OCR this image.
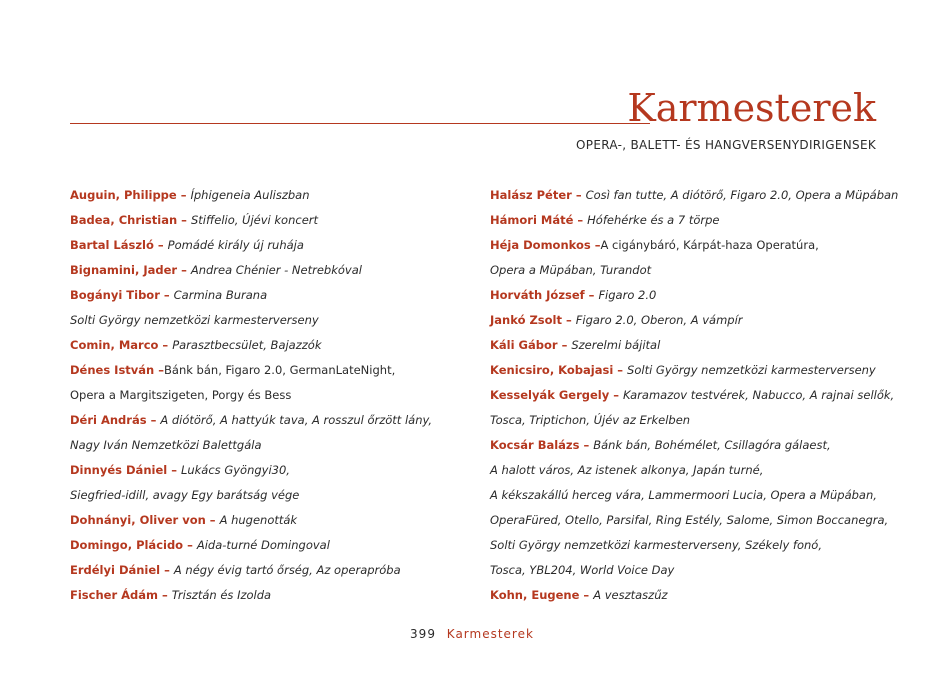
Karmesterek

OPERA-, BALETT- ÉS HANGVERSENYDIRIGENSEK

Auguin, Philippe – Íphigeneia Auliszban
Badea, Christian – Stiffelio, Újévi koncert
Bartal László – Pomádé király új ruhája
Bignamini, Jader – Andrea Chénier - Netrebkóval
Bogányi Tibor – Carmina Burana
Solti György nemzetközi karmesterverseny
Comin, Marco – Parasztbecsület, Bajazzók
Dénes István –Bánk bán, Figaro 2.0, GermanLateNight,
Opera a Margitszigeten, Porgy és Bess
Déri András – A diótörő, A hattyúk tava, A rosszul őrzött lány,
Nagy Iván Nemzetközi Balettgála
Dinnyés Dániel – Lukács Gyöngyi30,
Siegfried-idill, avagy Egy barátság vége
Dohnányi, Oliver von – A hugenották
Domingo, Plácido – Aida-turné Domingoval
Erdélyi Dániel – A négy évig tartó őrség, Az operapróba
Fischer Ádám – Trisztán és Izolda
Halász Péter – Così fan tutte, A diótörő, Figaro 2.0, Opera a Müpában
Hámori Máté – Hófehérke és a 7 törpe
Héja Domonkos –A cigánybáró, Kárpát-haza Operatúra,
Opera a Müpában, Turandot
Horváth József – Figaro 2.0
Jankó Zsolt – Figaro 2.0, Oberon, A vámpír
Káli Gábor – Szerelmi bájital
Kenicsiro, Kobajasi – Solti György nemzetközi karmesterverseny
Kesselyák Gergely – Karamazov testvérek, Nabucco, A rajnai sellők,
Tosca, Triptichon, Újév az Erkelben
Kocsár Balázs – Bánk bán, Bohémélet, Csillagóra gálaest,
A halott város, Az istenek alkonya, Japán turné,
A kékszakállú herceg vára, Lammermoori Lucia, Opera a Müpában,
OperaFüred, Otello, Parsifal, Ring Estély, Salome, Simon Boccanegra,
Solti György nemzetközi karmesterverseny, Székely fonó,
Tosca, YBL204, World Voice Day
Kohn, Eugene – A vesztaszűz
399 Karmesterek
